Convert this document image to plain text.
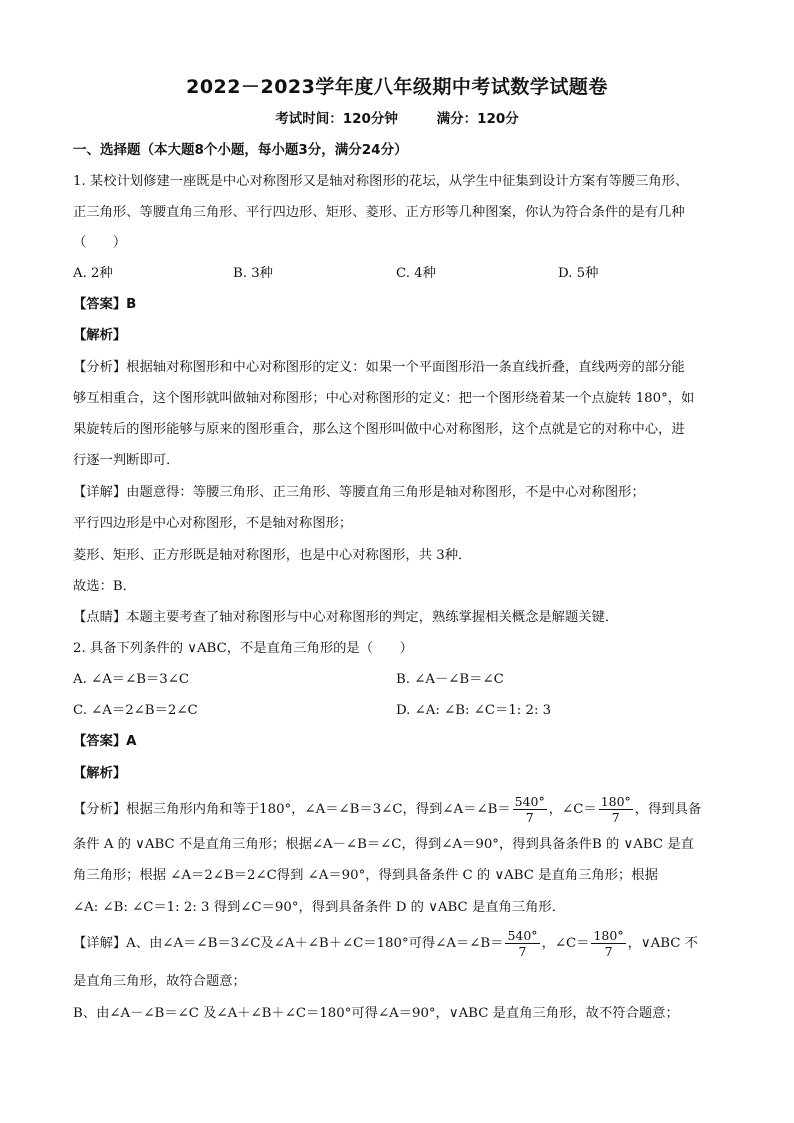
2022－2023学年度八年级期中考试数学试题卷
考试时间：120分钟	满分：120分
一、选择题（本大题8个小题，每小题3分，满分24分）
1. 某校计划修建一座既是中心对称图形又是轴对称图形的花坛，从学生中征集到设计方案有等腰三角形、
正三角形、等腰直角三角形、平行四边形、矩形、菱形、正方形等几种图案，你认为符合条件的是有几种
（　　）
A. 2种	B. 3种	C. 4种	D. 5种
【答案】B
【解析】
【分析】根据轴对称图形和中心对称图形的定义：如果一个平面图形沿一条直线折叠，直线两旁的部分能
够互相重合，这个图形就叫做轴对称图形；中心对称图形的定义：把一个图形绕着某一个点旋转 180°，如
果旋转后的图形能够与原来的图形重合，那么这个图形叫做中心对称图形，这个点就是它的对称中心，进
行逐一判断即可．
【详解】由题意得：等腰三角形、正三角形、等腰直角三角形是轴对称图形，不是中心对称图形；
平行四边形是中心对称图形，不是轴对称图形；
菱形、矩形、正方形既是轴对称图形，也是中心对称图形，共 3种．
故选：B．
【点睛】本题主要考查了轴对称图形与中心对称图形的判定，熟练掌握相关概念是解题关键．
2. 具备下列条件的 ∨ABC，不是直角三角形的是（　　）
A. ∠A＝∠B＝3∠C	B. ∠A－∠B＝∠C
C. ∠A＝2∠B＝2∠C	D. ∠A: ∠B: ∠C＝1: 2: 3
【答案】A
【解析】
【分析】根据三角形内角和等于180°，∠A＝∠B＝3∠C，得到∠A＝∠B＝ $\frac{540^\circ}{7}$ ，∠C＝ $\frac{180^\circ}{7}$ ，得到具备
条件 A 的 ∨ABC 不是直角三角形；根据∠A－∠B＝∠C，得到∠A＝90°，得到具备条件B 的 ∨ABC 是直
角三角形；根据 ∠A＝2∠B＝2∠C得到 ∠A＝90°，得到具备条件 C 的 ∨ABC 是直角三角形；根据
∠A: ∠B: ∠C＝1: 2: 3 得到∠C＝90°，得到具备条件 D 的 ∨ABC 是直角三角形．
【详解】A、由∠A＝∠B＝3∠C及∠A＋∠B＋∠C＝180°可得∠A＝∠B＝ $\frac{540^\circ}{7}$ ，∠C＝ $\frac{180^\circ}{7}$ ，∨ABC 不
是直角三角形，故符合题意；
B、由∠A－∠B＝∠C 及∠A＋∠B＋∠C＝180°可得∠A＝90°，∨ABC 是直角三角形，故不符合题意；
